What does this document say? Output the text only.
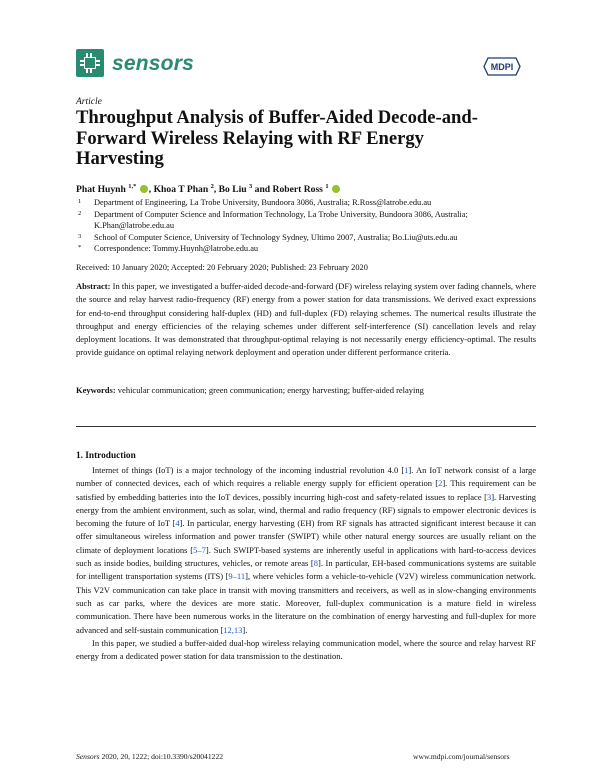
sensors	MDPI
Article
Throughput Analysis of Buffer-Aided Decode-and-Forward Wireless Relaying with RF Energy Harvesting
Phat Huynh $^{1,*}$ , Khoa T Phan $^2$, Bo Liu $^3$ and Robert Ross $^1$
1 Department of Engineering, La Trobe University, Bundoora 3086, Australia; R.Ross@latrobe.edu.au
2 Department of Computer Science and Information Technology, La Trobe University, Bundoora 3086, Australia; K.Phan@latrobe.edu.au
3 School of Computer Science, University of Technology Sydney, Ultimo 2007, Australia; Bo.Liu@uts.edu.au
* Correspondence: Tommy.Huynh@latrobe.edu.au
Received: 10 January 2020; Accepted: 20 February 2020; Published: 23 February 2020
Abstract: In this paper, we investigated a buffer-aided decode-and-forward (DF) wireless relaying system over fading channels, where the source and relay harvest radio-frequency (RF) energy from a power station for data transmissions. We derived exact expressions for end-to-end throughput considering half-duplex (HD) and full-duplex (FD) relaying schemes. The numerical results illustrate the throughput and energy efficiencies of the relaying schemes under different self-interference (SI) cancellation levels and relay deployment locations. It was demonstrated that throughput-optimal relaying is not necessarily energy efficiency-optimal. The results provide guidance on optimal relaying network deployment and operation under different performance criteria.
Keywords: vehicular communication; green communication; energy harvesting; buffer-aided relaying
1. Introduction

Internet of things (IoT) is a major technology of the incoming industrial revolution 4.0 [1]. An IoT network consist of a large number of connected devices, each of which requires a reliable energy supply for efficient operation [2]. This requirement can be satisfied by embedding batteries into the IoT devices, possibly incurring high-cost and safety-related issues to replace [3]. Harvesting energy from the ambient environment, such as solar, wind, thermal and radio frequency (RF) signals to empower electronic devices is becoming the future of IoT [4]. In particular, energy harvesting (EH) from RF signals has attracted significant interest because it can offer simultaneous wireless information and power transfer (SWIPT) while other natural energy sources are usually reliant on the climate of deployment locations [5–7]. Such SWIPT-based systems are inherently useful in applications with hard-to-access devices such as inside bodies, building structures, vehicles, or remote areas [8]. In particular, EH-based communications systems are suitable for intelligent transportation systems (ITS) [9–11], where vehicles form a vehicle-to-vehicle (V2V) wireless communication network. This V2V communication can take place in transit with moving transmitters and receivers, as well as in slow-changing environments such as car parks, where the devices are more static. Moreover, full-duplex communication is a mature field in wireless communication. There have been numerous works in the literature on the combination of energy harvesting and full-duplex for more advanced and self-sustain communication [12,13].

In this paper, we studied a buffer-aided dual-hop wireless relaying communication model, where the source and relay harvest RF energy from a dedicated power station for data transmission to the destination.

Sensors 2020, 20, 1222; doi:10.3390/s20041222	www.mdpi.com/journal/sensors
